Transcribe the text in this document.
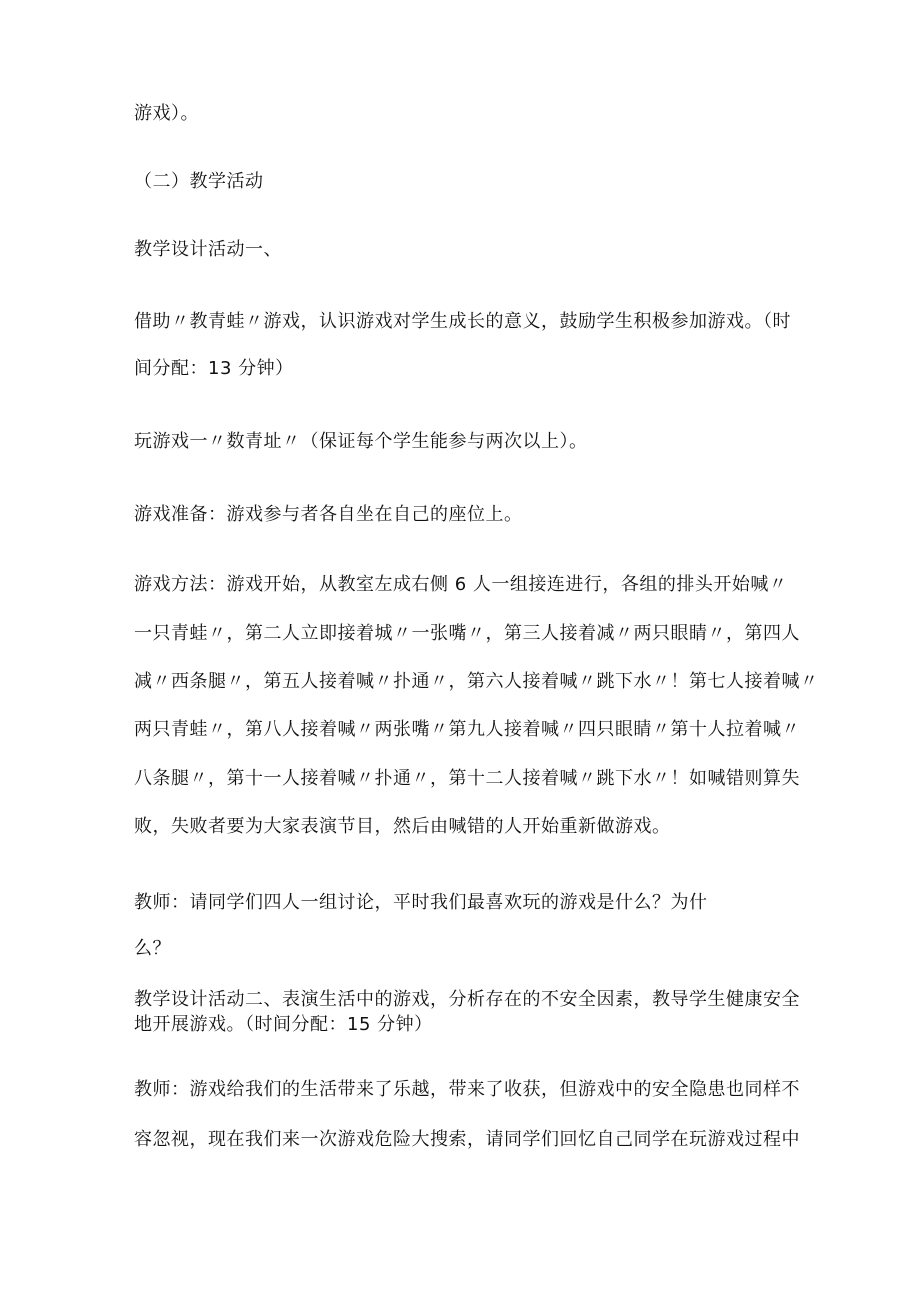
游戏）。
（二）教学活动
教学设计活动一、
借助〃教青蛙〃游戏，认识游戏对学生成长的意义，鼓励学生积极参加游戏。（时
间分配：13 分钟）
玩游戏一〃数青址〃（保证每个学生能参与两次以上）。
游戏准备：游戏参与者各自坐在自己的座位上。
游戏方法：游戏开始，从教室左成右侧 6 人一组接连进行，各组的排头开始喊〃
一只青蛙〃，第二人立即接着城〃一张嘴〃，第三人接着减〃两只眼睛〃，第四人
减〃西条腿〃，第五人接着喊〃扑通〃，第六人接着喊〃跳下水〃！第七人接着喊〃
两只青蛙〃，第八人接着喊〃两张嘴〃第九人接着喊〃四只眼睛〃第十人拉着喊〃
八条腿〃，第十一人接着喊〃扑通〃，第十二人接着喊〃跳下水〃！如喊错则算失
败，失败者要为大家表演节目，然后由喊错的人开始重新做游戏。
教师：请同学们四人一组讨论，平时我们最喜欢玩的游戏是什么？为什
么？
教学设计活动二、表演生活中的游戏，分析存在的不安全因素，教导学生健康安全
地开展游戏。（时间分配：15 分钟）
教师：游戏给我们的生活带来了乐越，带来了收获，但游戏中的安全隐患也同样不
容忽视，现在我们来一次游戏危险大搜索，请同学们回忆自己同学在玩游戏过程中
